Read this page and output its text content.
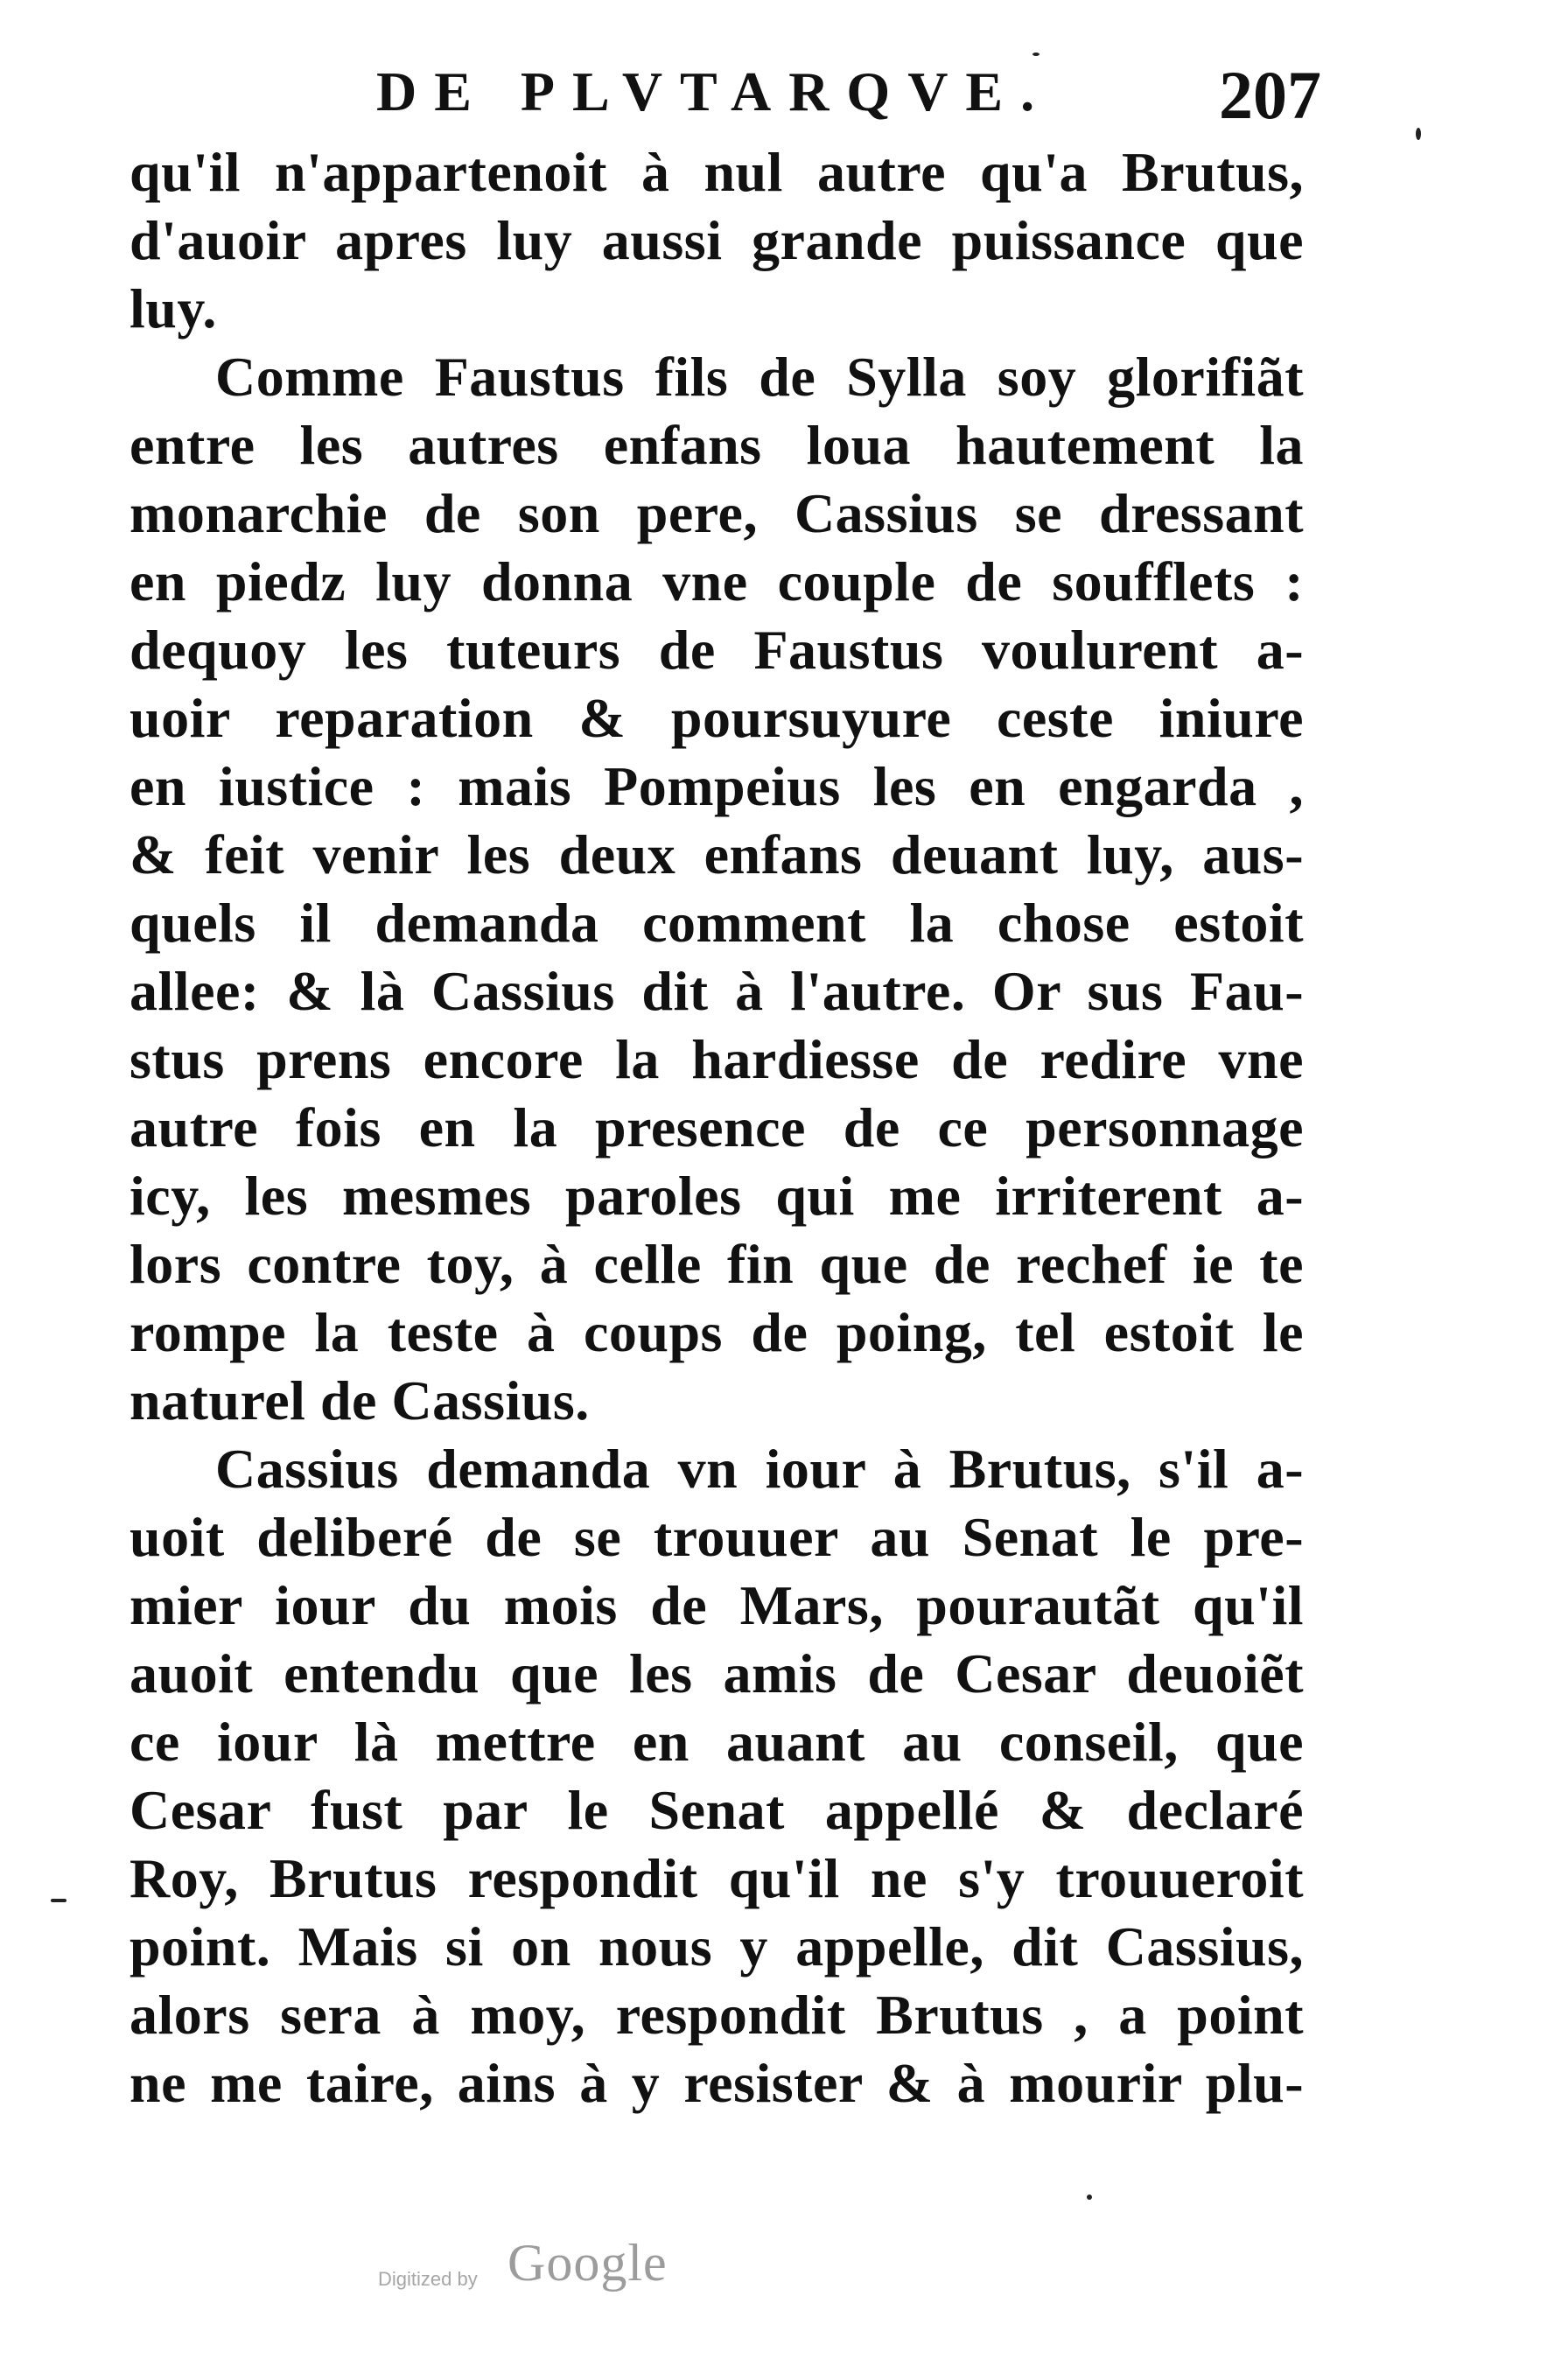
DE PLVTARQVE. 207
qu'il n'appartenoit à nul autre qu'a Brutus,
d'auoir apres luy aussi grande puissance que
luy.
Comme Faustus fils de Sylla soy glorifiãt
entre les autres enfans loua hautement la
monarchie de son pere, Cassius se dressant
en piedz luy donna vne couple de soufflets :
dequoy les tuteurs de Faustus voulurent a-
uoir reparation & poursuyure ceste iniure
en iustice : mais Pompeius les en engarda ,
& feit venir les deux enfans deuant luy, aus-
quels il demanda comment la chose estoit
allee: & là Cassius dit à l'autre. Or sus Fau-
stus prens encore la hardiesse de redire vne
autre fois en la presence de ce personnage
icy, les mesmes paroles qui me irriterent a-
lors contre toy, à celle fin que de rechef ie te
rompe la teste à coups de poing, tel estoit le
naturel de Cassius.
Cassius demanda vn iour à Brutus, s'il a-
uoit deliberé de se trouuer au Senat le pre-
mier iour du mois de Mars, pourautãt qu'il
auoit entendu que les amis de Cesar deuoiẽt
ce iour là mettre en auant au conseil, que
Cesar fust par le Senat appellé & declaré
Roy, Brutus respondit qu'il ne s'y trouueroit
point. Mais si on nous y appelle, dit Cassius,
alors sera à moy, respondit Brutus , a point
ne me taire, ains à y resister & à mourir plu-
Digitized by Google
